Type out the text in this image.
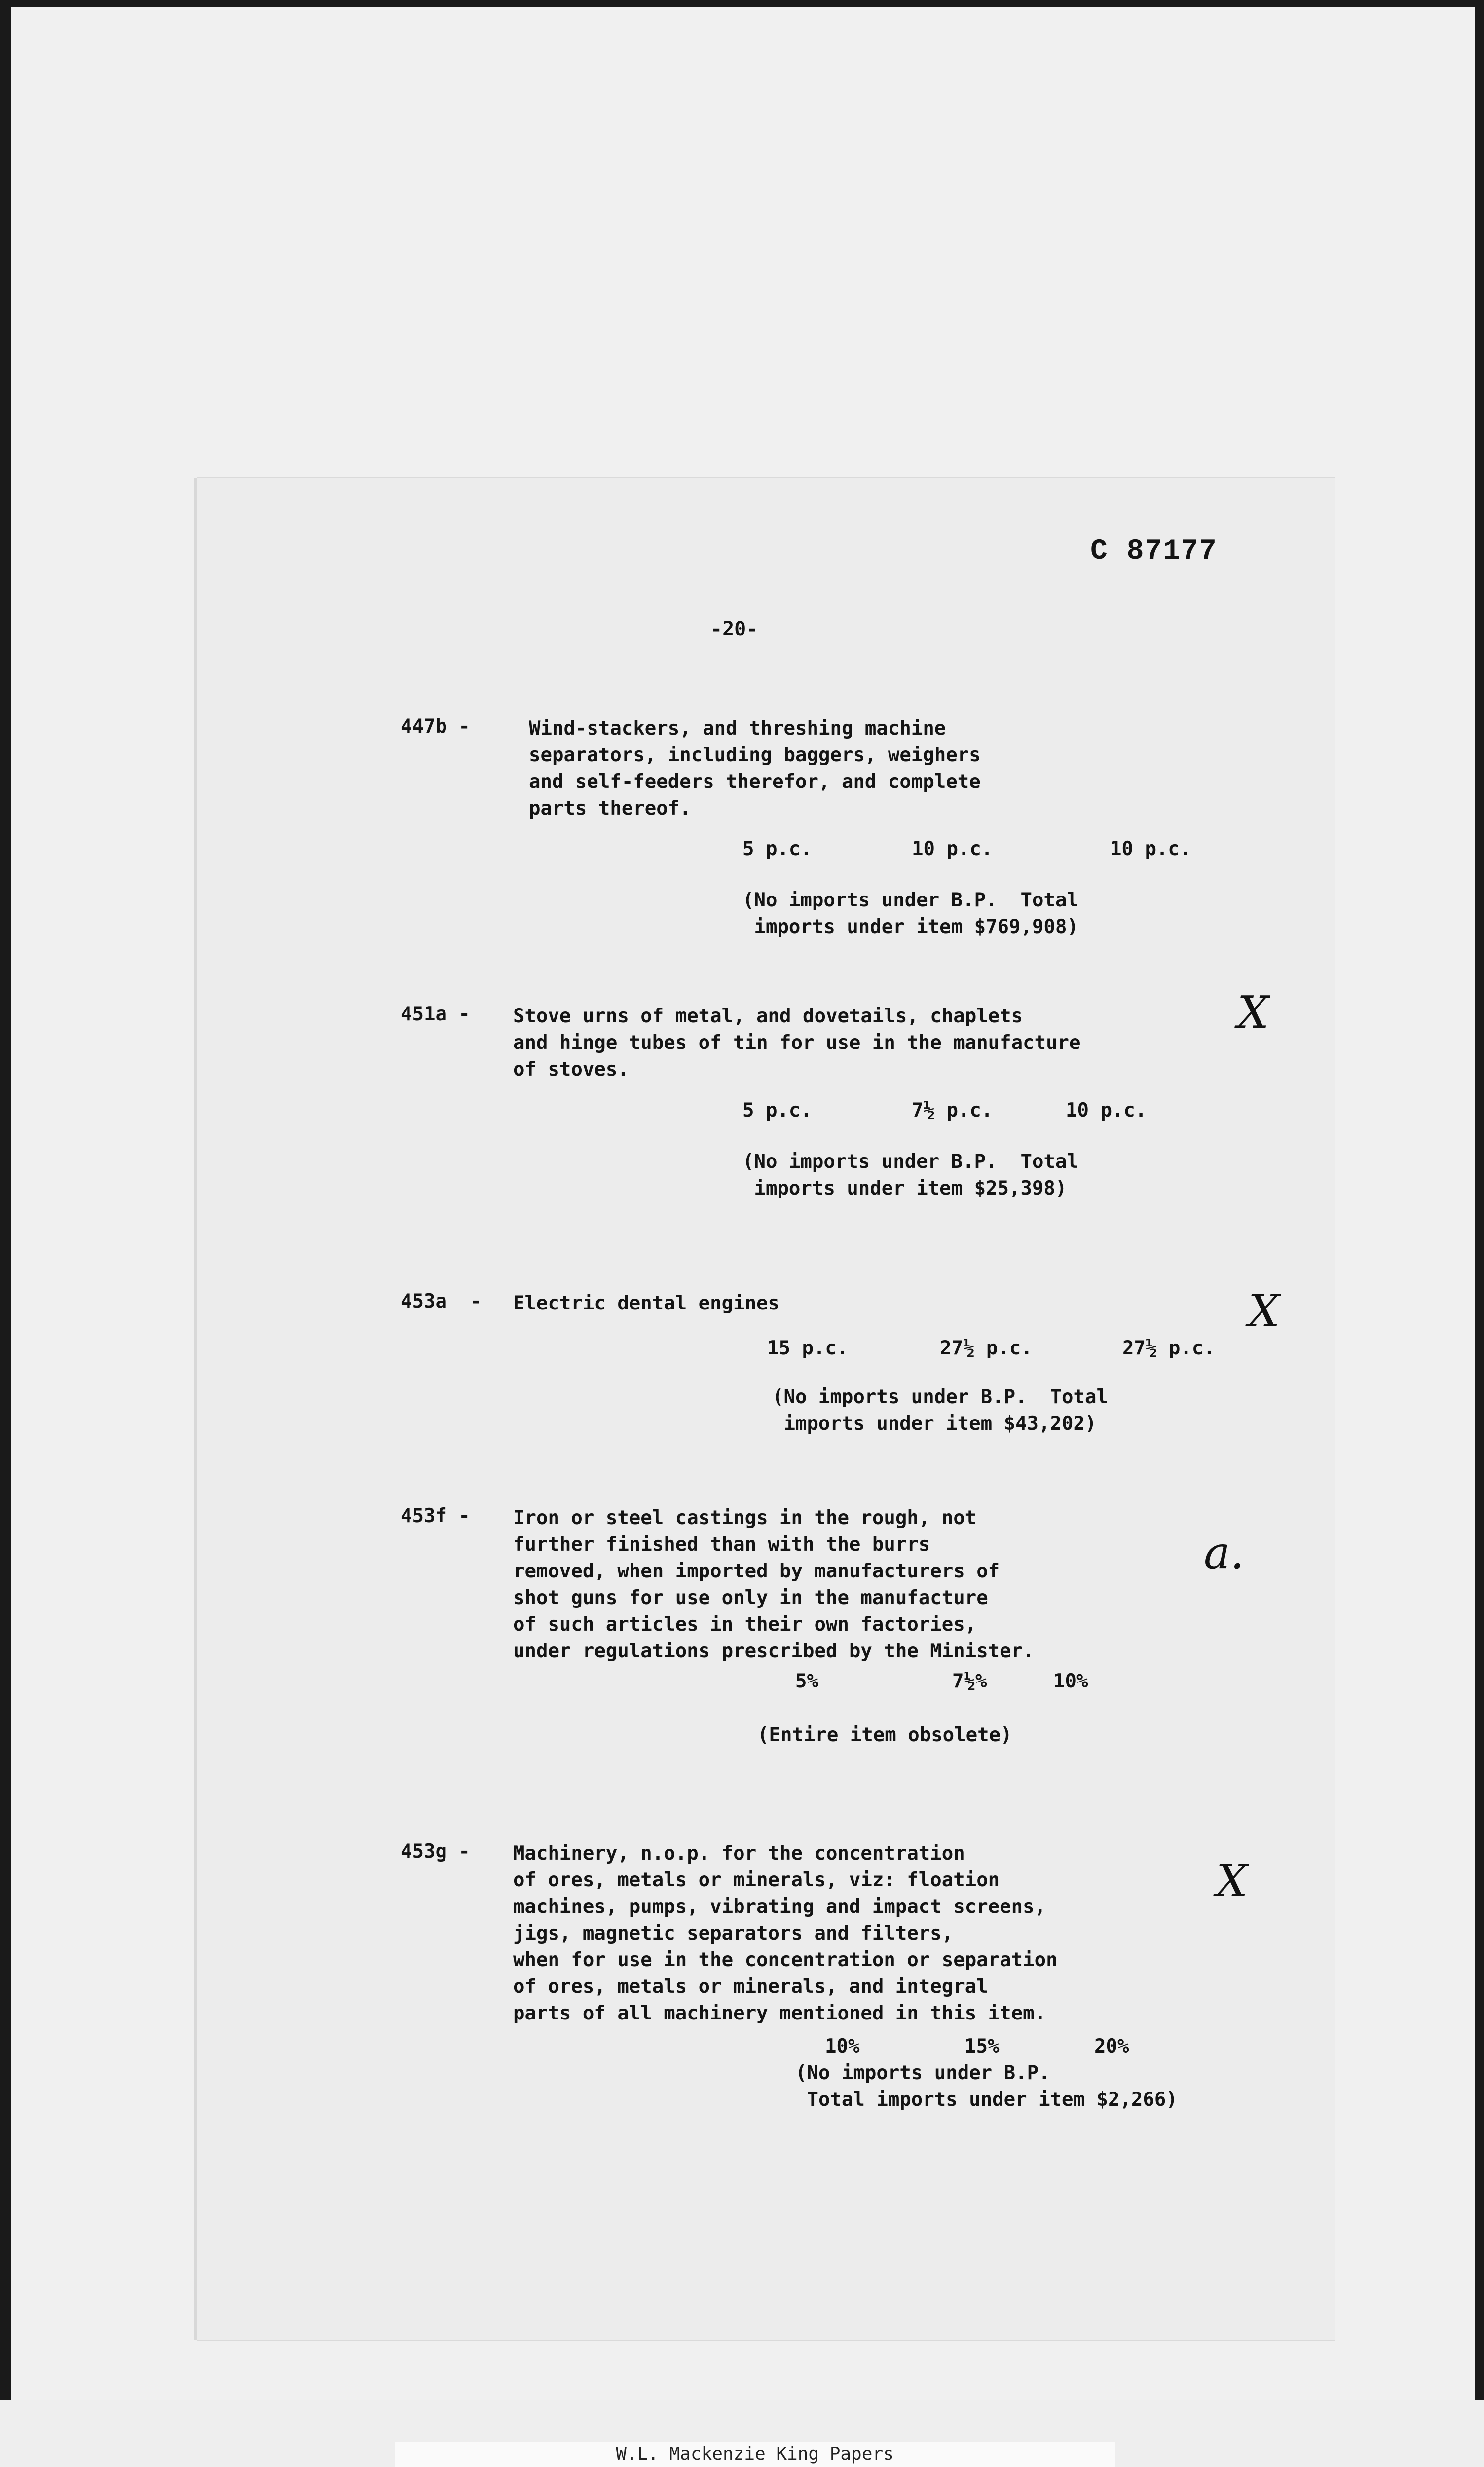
C 87177
-20-
447b -	Wind-stackers, and threshing machine
separators, including baggers, weighers
and self-feeders therefor, and complete
parts thereof.
5 p.c.	10 p.c.	10 p.c.
(No imports under B.P.  Total
imports under item $769,908)
451a - Stove urns of metal, and dovetails, chaplets
and hinge tubes of tin for use in the manufacture
of stoves.
X
5 p.c.	7½ p.c.	10 p.c.
(No imports under B.P.  Total
imports under item $25,398)
453a  - Electric dental engines	X
15 p.c.	27½ p.c.	27½ p.c.
(No imports under B.P.  Total
imports under item $43,202)
453f - Iron or steel castings in the rough, not
further finished than with the burrs
removed, when imported by manufacturers of
shot guns for use only in the manufacture
of such articles in their own factories,
under regulations prescribed by the Minister.
a.
5%	7½%	10%
(Entire item obsolete)
453g - Machinery, n.o.p. for the concentration
of ores, metals or minerals, viz: floation
machines, pumps, vibrating and impact screens,
jigs, magnetic separators and filters,
when for use in the concentration or separation
of ores, metals or minerals, and integral
parts of all machinery mentioned in this item.
X
10%	15%	20%
(No imports under B.P.
Total imports under item $2,266)
W.L. Mackenzie King Papers
